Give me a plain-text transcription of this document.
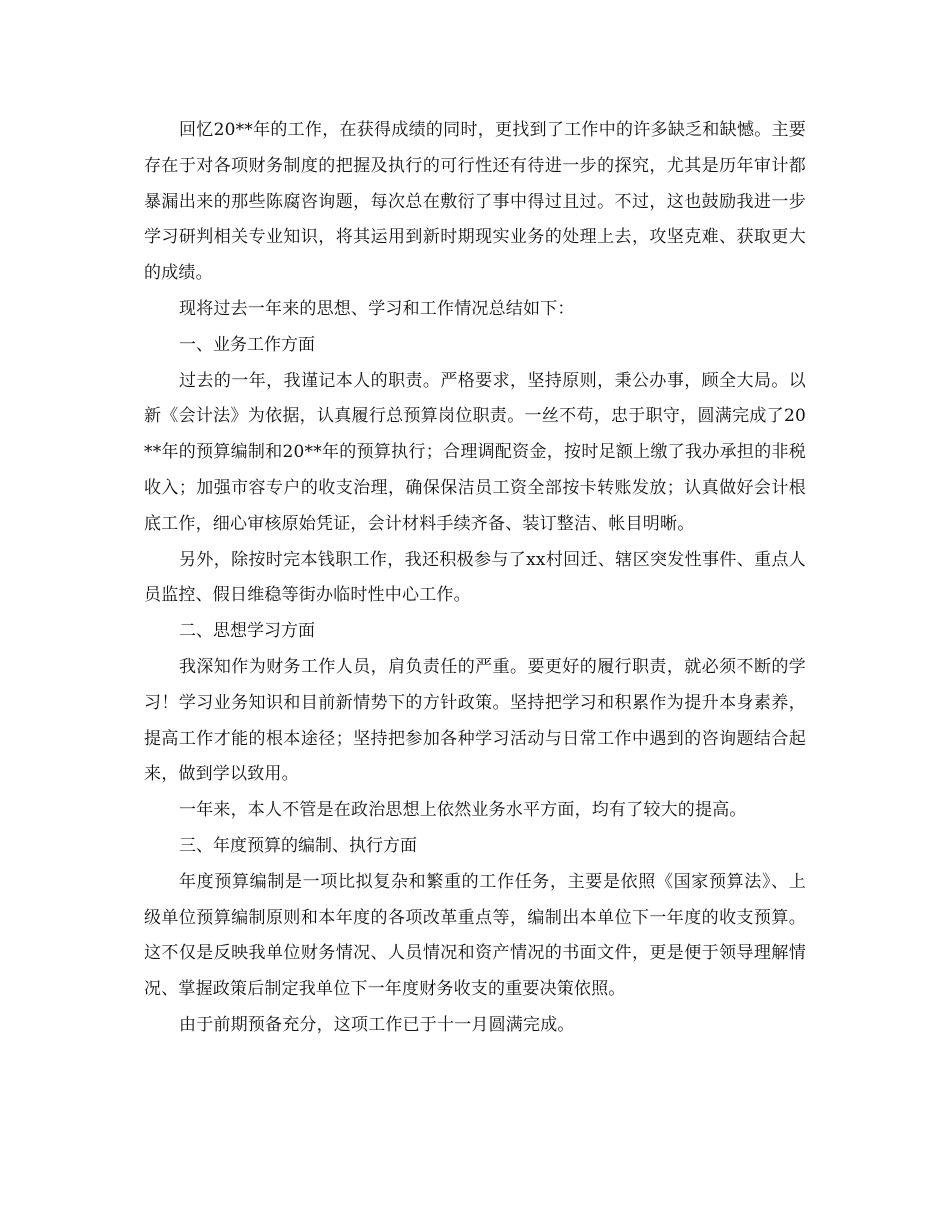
回忆20**年的工作，在获得成绩的同时，更找到了工作中的许多缺乏和缺憾。主要存在于对各项财务制度的把握及执行的可行性还有待进一步的探究，尤其是历年审计都暴漏出来的那些陈腐咨询题，每次总在敷衍了事中得过且过。不过，这也鼓励我进一步学习研判相关专业知识，将其运用到新时期现实业务的处理上去，攻坚克难、获取更大的成绩。

现将过去一年来的思想、学习和工作情况总结如下：

一、业务工作方面

过去的一年，我谨记本人的职责。严格要求，坚持原则，秉公办事，顾全大局。以新《会计法》为依据，认真履行总预算岗位职责。一丝不苟，忠于职守，圆满完成了20**年的预算编制和20**年的预算执行；合理调配资金，按时足额上缴了我办承担的非税收入；加强市容专户的收支治理，确保保洁员工资全部按卡转账发放；认真做好会计根底工作，细心审核原始凭证，会计材料手续齐备、装订整洁、帐目明晰。

另外，除按时完本钱职工作，我还积极参与了xx村回迁、辖区突发性事件、重点人员监控、假日维稳等街办临时性中心工作。

二、思想学习方面

我深知作为财务工作人员，肩负责任的严重。要更好的履行职责，就必须不断的学习！学习业务知识和目前新情势下的方针政策。坚持把学习和积累作为提升本身素养，提高工作才能的根本途径；坚持把参加各种学习活动与日常工作中遇到的咨询题结合起来，做到学以致用。

一年来，本人不管是在政治思想上依然业务水平方面，均有了较大的提高。

三、年度预算的编制、执行方面

年度预算编制是一项比拟复杂和繁重的工作任务，主要是依照《国家预算法》、上级单位预算编制原则和本年度的各项改革重点等，编制出本单位下一年度的收支预算。这不仅是反映我单位财务情况、人员情况和资产情况的书面文件，更是便于领导理解情况、掌握政策后制定我单位下一年度财务收支的重要决策依照。

由于前期预备充分，这项工作已于十一月圆满完成。
